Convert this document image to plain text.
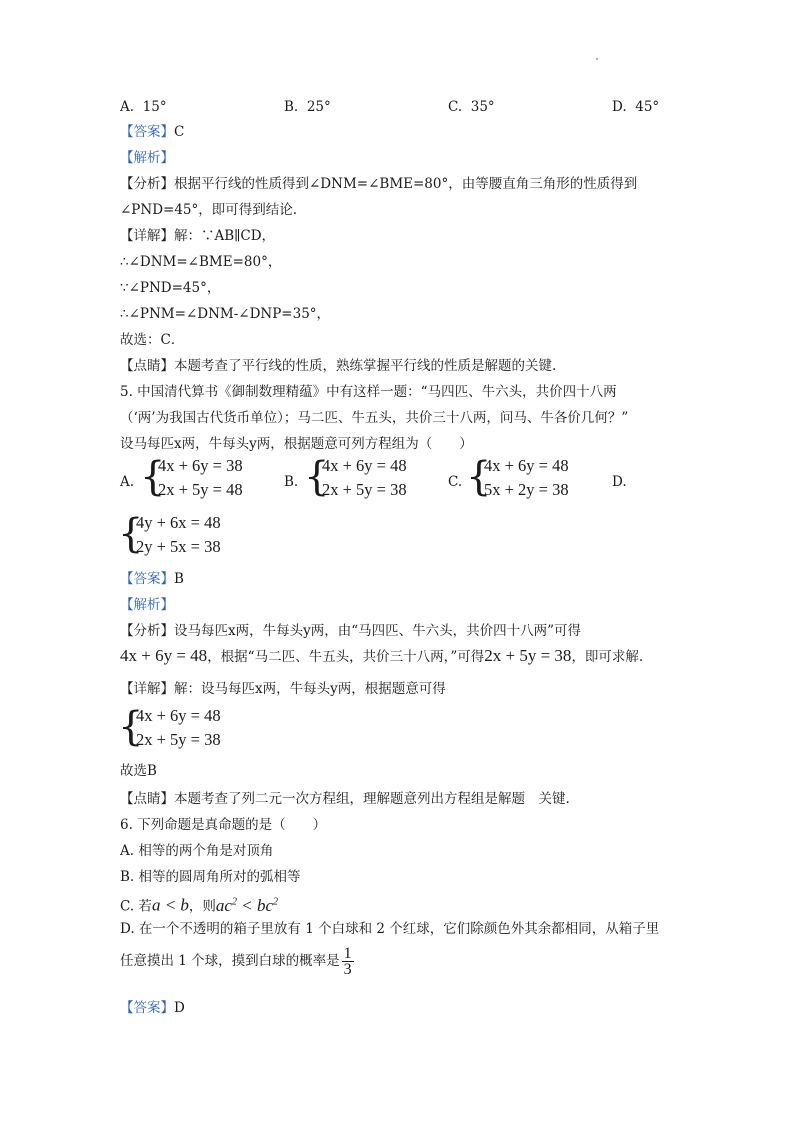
A. 15°	B. 25°	C. 35°	D. 45°
【答案】C
【解析】
【分析】根据平行线的性质得到∠DNM=∠BME=80°，由等腰直角三角形的性质得到
∠PND=45°，即可得到结论.
【详解】解：∵AB∥CD，
∴∠DNM=∠BME=80°，
∵∠PND=45°，
∴∠PNM=∠DNM-∠DNP=35°，
故选：C．
【点睛】本题考查了平行线的性质，熟练掌握平行线的性质是解题的关键.
5. 中国清代算书《御制数理精蕴》中有这样一题：“马四匹、牛六头，共价四十八两
（‘两’为我国古代货币单位）；马二匹、牛五头，共价三十八两，问马、牛各价几何？”
设马每匹x两，牛每头y两，根据题意可列方程组为（　　）
A. {
4x + 6y = 38
2x + 5y = 48	B. {
4x + 6y = 48
2x + 5y = 38	C. {
4x + 6y = 48
5x + 2y = 38	D.
{
4y + 6x = 48
2y + 5x = 38
【答案】B
【解析】
【分析】设马每匹x两，牛每头y两，由“马四匹、牛六头，共价四十八两”可得
4x + 6y = 48，根据“马二匹、牛五头，共价三十八两，”可得2x + 5y = 38，即可求解.
【详解】解：设马每匹x两，牛每头y两，根据题意可得
{
4x + 6y = 48
2x + 5y = 38
故选B
【点睛】本题考查了列二元一次方程组，理解题意列出方程组是解题　关键.
6. 下列命题是真命题的是（　　）
A. 相等的两个角是对顶角
B. 相等的圆周角所对的弧相等
C. 若a < b，则$ac^2 < bc^2$
D. 在一个不透明的箱子里放有 1 个白球和 2 个红球，它们除颜色外其余都相同，从箱子里
任意摸出 1 个球，摸到白球的概率是 $\frac{1}{3}$
【答案】D
